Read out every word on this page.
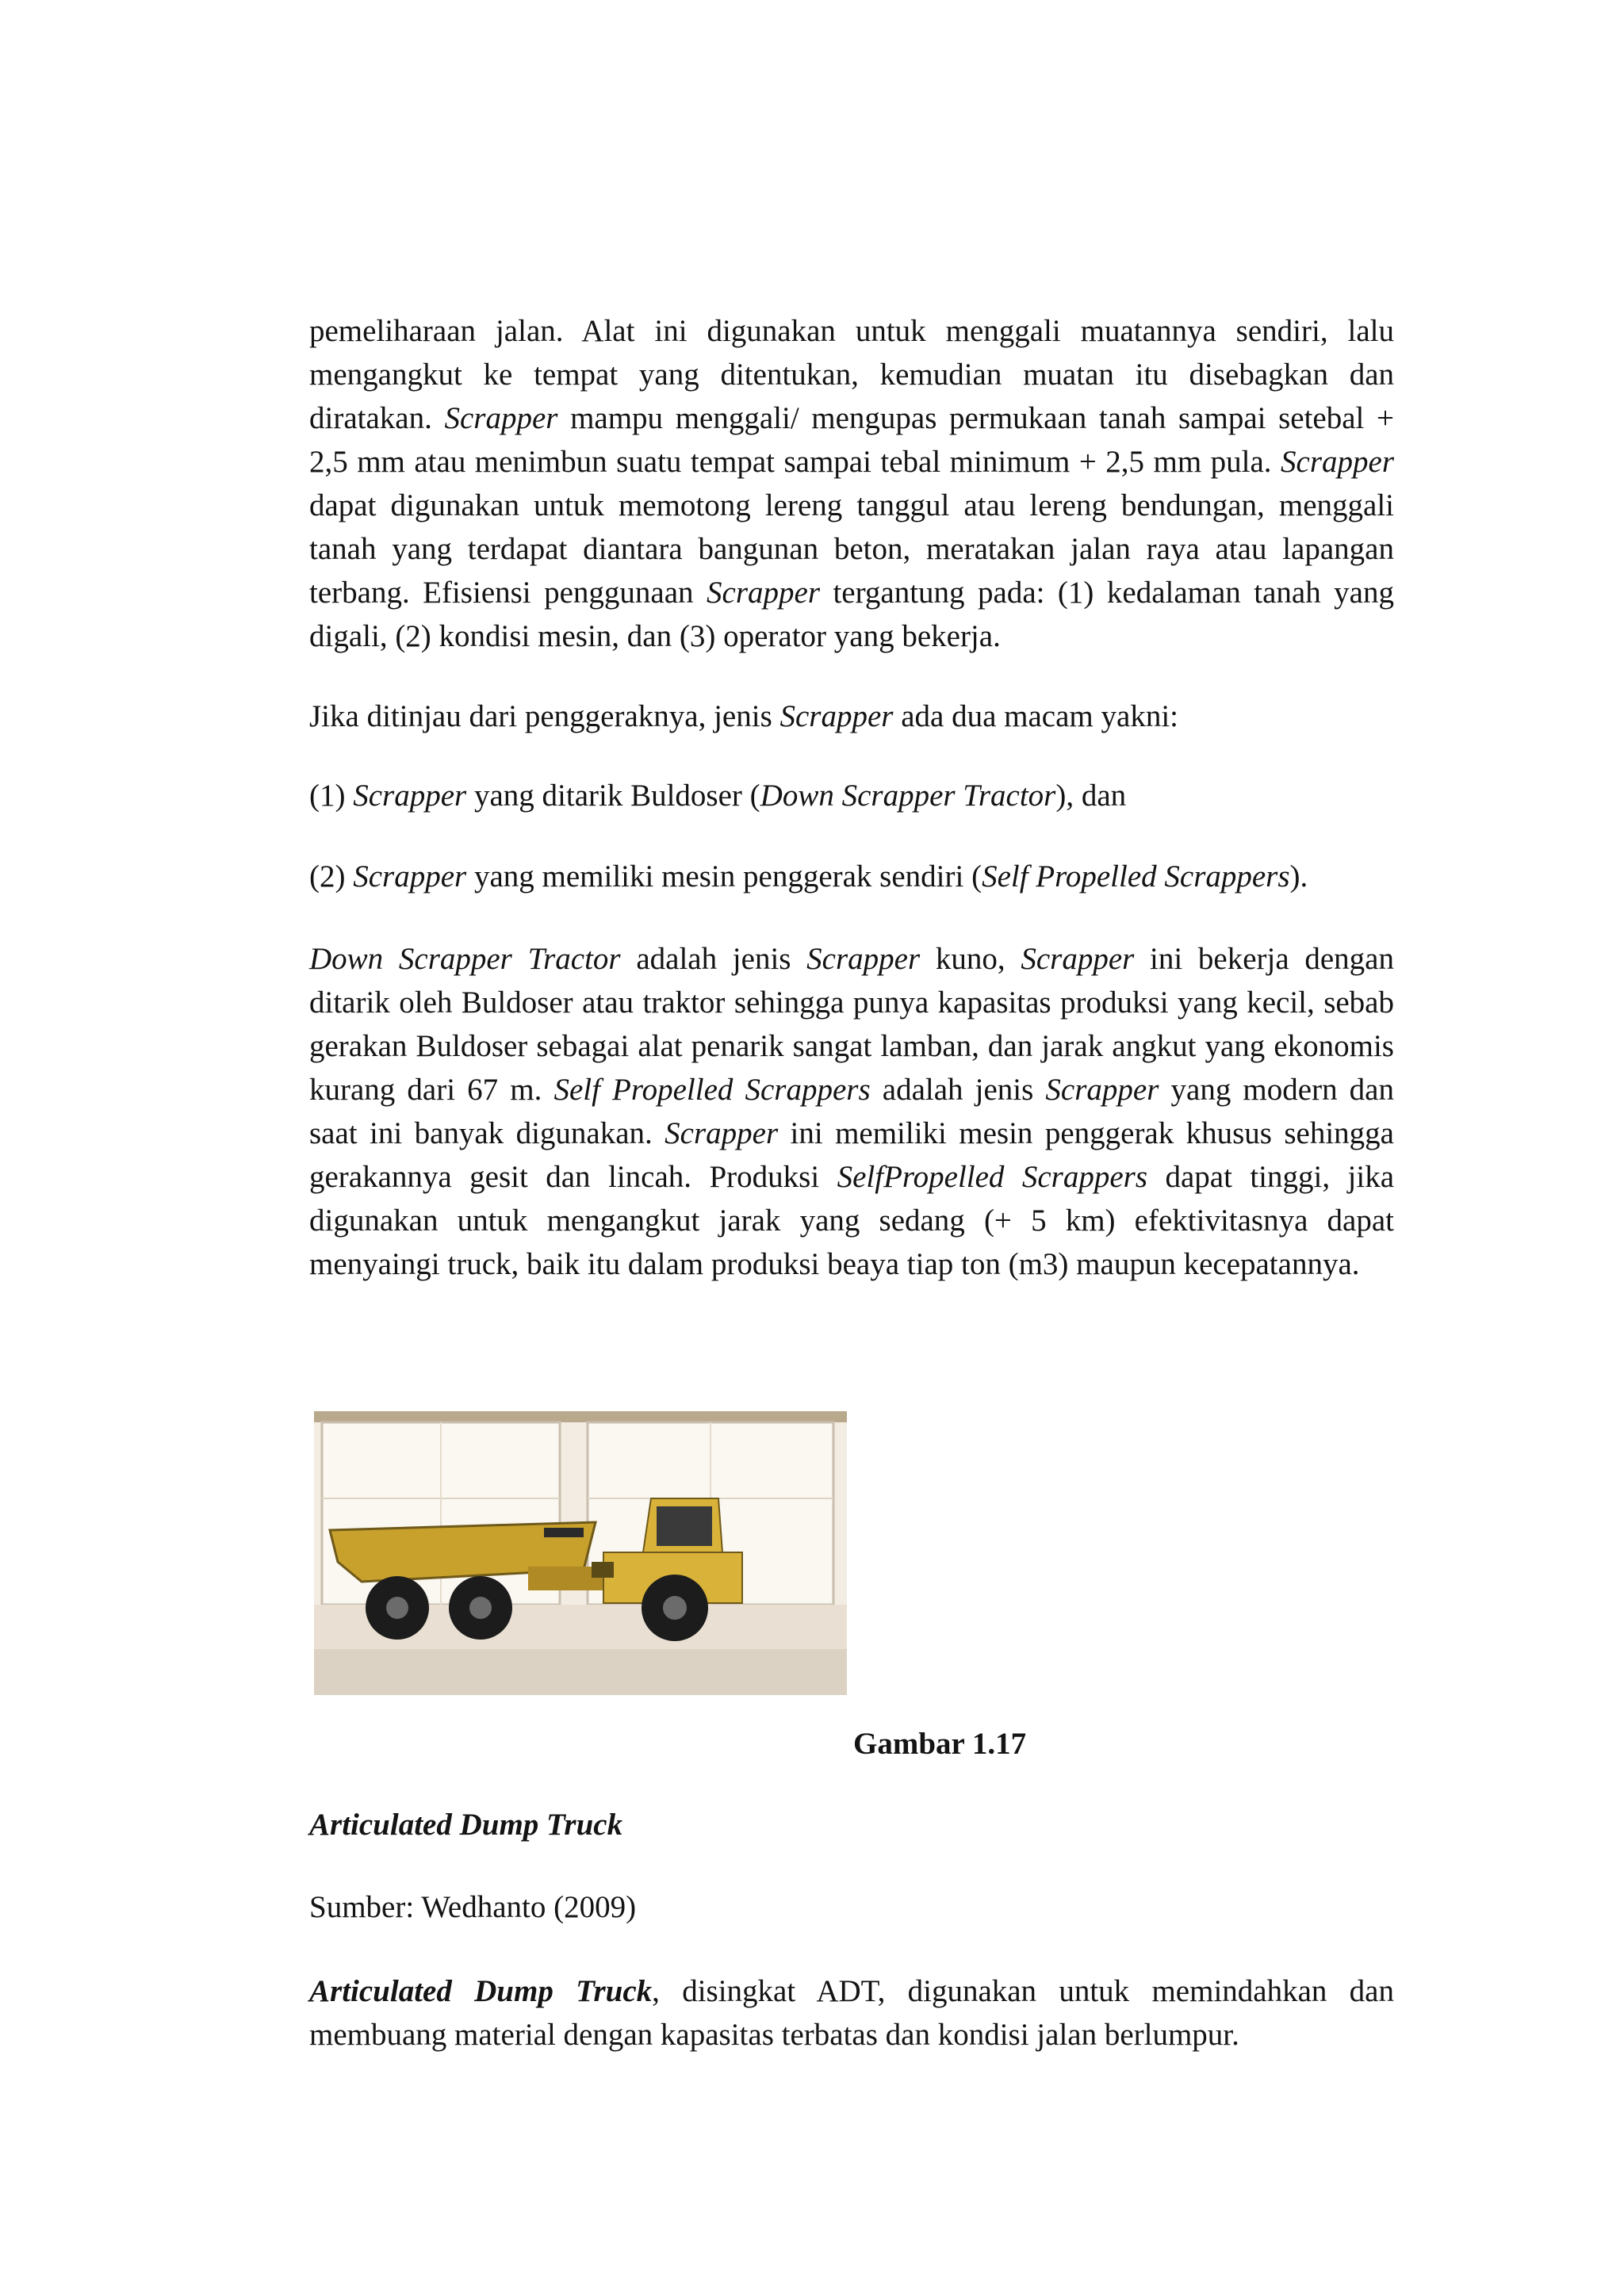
pemeliharaan jalan. Alat ini digunakan untuk menggali muatannya sendiri, lalu mengangkut ke tempat yang ditentukan, kemudian muatan itu disebagkan dan diratakan. Scrapper mampu menggali/ mengupas permukaan tanah sampai setebal + 2,5 mm atau menimbun suatu tempat sampai tebal minimum + 2,5 mm pula. Scrapper dapat digunakan untuk memotong lereng tanggul atau lereng bendungan, menggali tanah yang terdapat diantara bangunan beton, meratakan jalan raya atau lapangan terbang. Efisiensi penggunaan Scrapper tergantung pada: (1) kedalaman tanah yang digali, (2) kondisi mesin, dan (3) operator yang bekerja.

Jika ditinjau dari penggeraknya, jenis Scrapper ada dua macam yakni:

(1) Scrapper yang ditarik Buldoser (Down Scrapper Tractor), dan

(2) Scrapper yang memiliki mesin penggerak sendiri (Self Propelled Scrappers).

Down Scrapper Tractor adalah jenis Scrapper kuno, Scrapper ini bekerja dengan ditarik oleh Buldoser atau traktor sehingga punya kapasitas produksi yang kecil, sebab gerakan Buldoser sebagai alat penarik sangat lamban, dan jarak angkut yang ekonomis kurang dari 67 m. Self Propelled Scrappers adalah jenis Scrapper yang modern dan saat ini banyak digunakan. Scrapper ini memiliki mesin penggerak khusus sehingga gerakannya gesit dan lincah. Produksi SelfPropelled Scrappers dapat tinggi, jika digunakan untuk mengangkut jarak yang sedang (+ 5 km) efektivitasnya dapat menyaingi truck, baik itu dalam produksi beaya tiap ton (m3) maupun kecepatannya.

Gambar 1.17
Articulated Dump Truck
Sumber: Wedhanto (2009)

Articulated Dump Truck, disingkat ADT, digunakan untuk memindahkan dan membuang material dengan kapasitas terbatas dan kondisi jalan berlumpur.
